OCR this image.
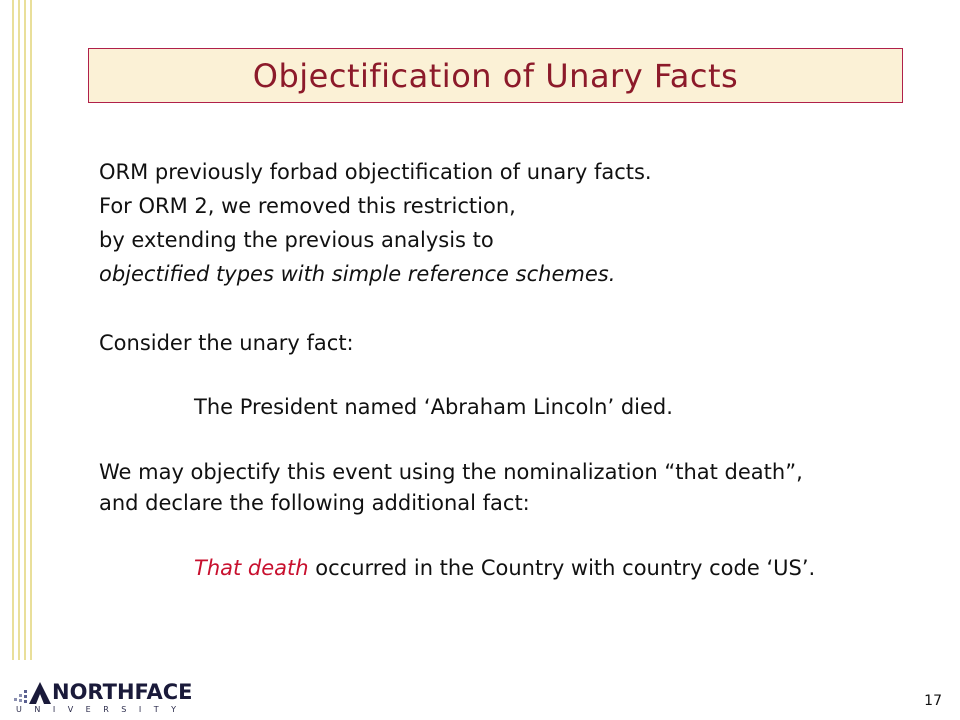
Objectification of Unary Facts

ORM previously forbad objectification of unary facts.

For ORM 2, we removed this restriction,

by extending the previous analysis to

objectified types with simple reference schemes.

Consider the unary fact:

The President named ‘Abraham Lincoln’ died.

We may objectify this event using the nominalization “that death”,

and declare the following additional fact:

That death occurred in the Country with country code ‘US’.

NORTHFACE
UNIVERSITY
17
